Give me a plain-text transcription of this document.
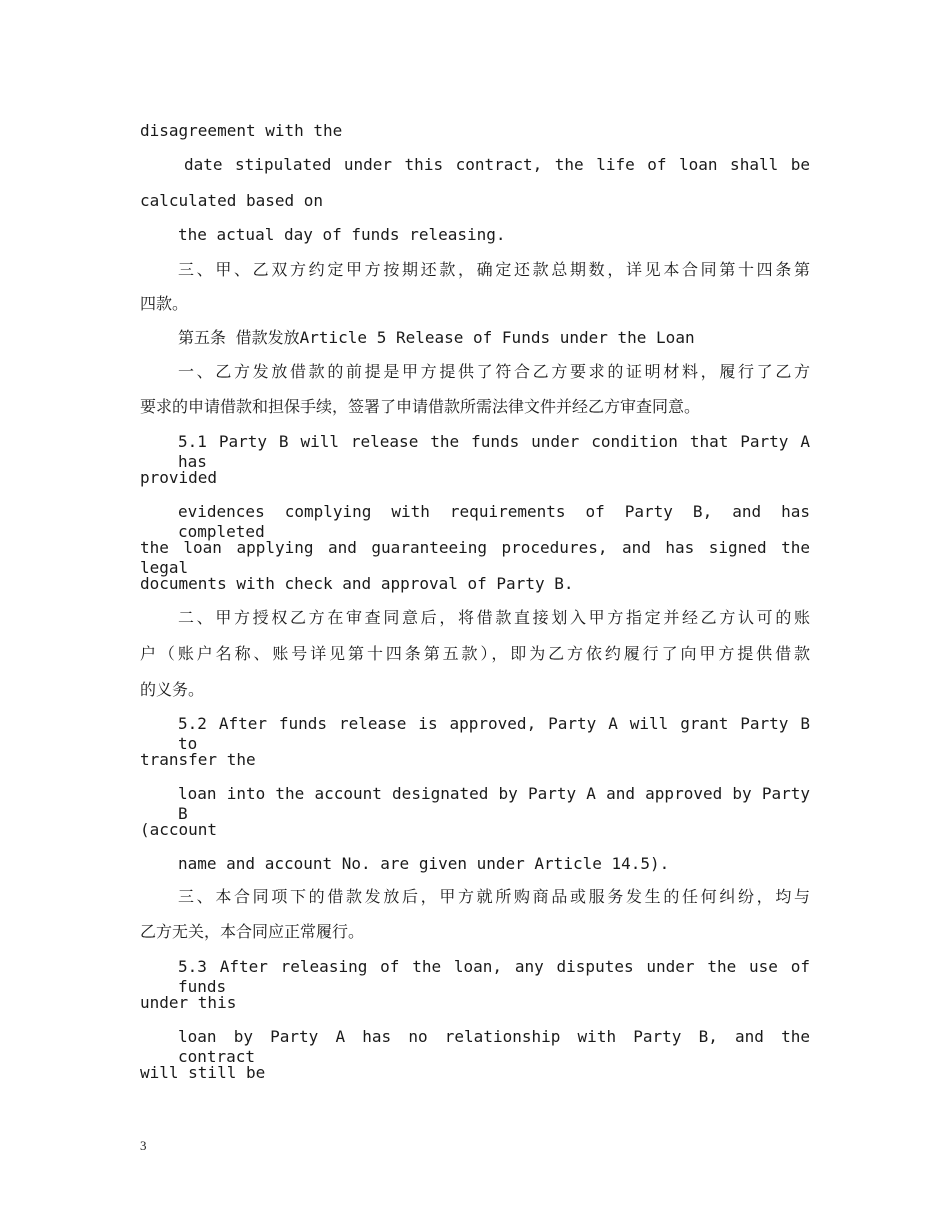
disagreement with the
date stipulated under this contract, the life of loan shall be
calculated based on
the actual day of funds releasing.
三、甲、乙双方约定甲方按期还款，确定还款总期数，详见本合同第十四条第
四款。
第五条 借款发放Article 5 Release of Funds under the Loan
一、乙方发放借款的前提是甲方提供了符合乙方要求的证明材料，履行了乙方
要求的申请借款和担保手续，签署了申请借款所需法律文件并经乙方审查同意。
5.1 Party B will release the funds under condition that Party A has
provided
evidences complying with requirements of Party B, and has completed
the loan applying and guaranteeing procedures, and has signed the legal
documents with check and approval of Party B.
二、甲方授权乙方在审查同意后，将借款直接划入甲方指定并经乙方认可的账
户（账户名称、账号详见第十四条第五款），即为乙方依约履行了向甲方提供借款
的义务。
5.2 After funds release is approved, Party A will grant Party B to
transfer the
loan into the account designated by Party A and approved by Party B
(account
name and account No. are given under Article 14.5).
三、本合同项下的借款发放后，甲方就所购商品或服务发生的任何纠纷，均与
乙方无关，本合同应正常履行。
5.3 After releasing of the loan, any disputes under the use of funds
under this
loan by Party A has no relationship with Party B, and the contract
will still be
3
